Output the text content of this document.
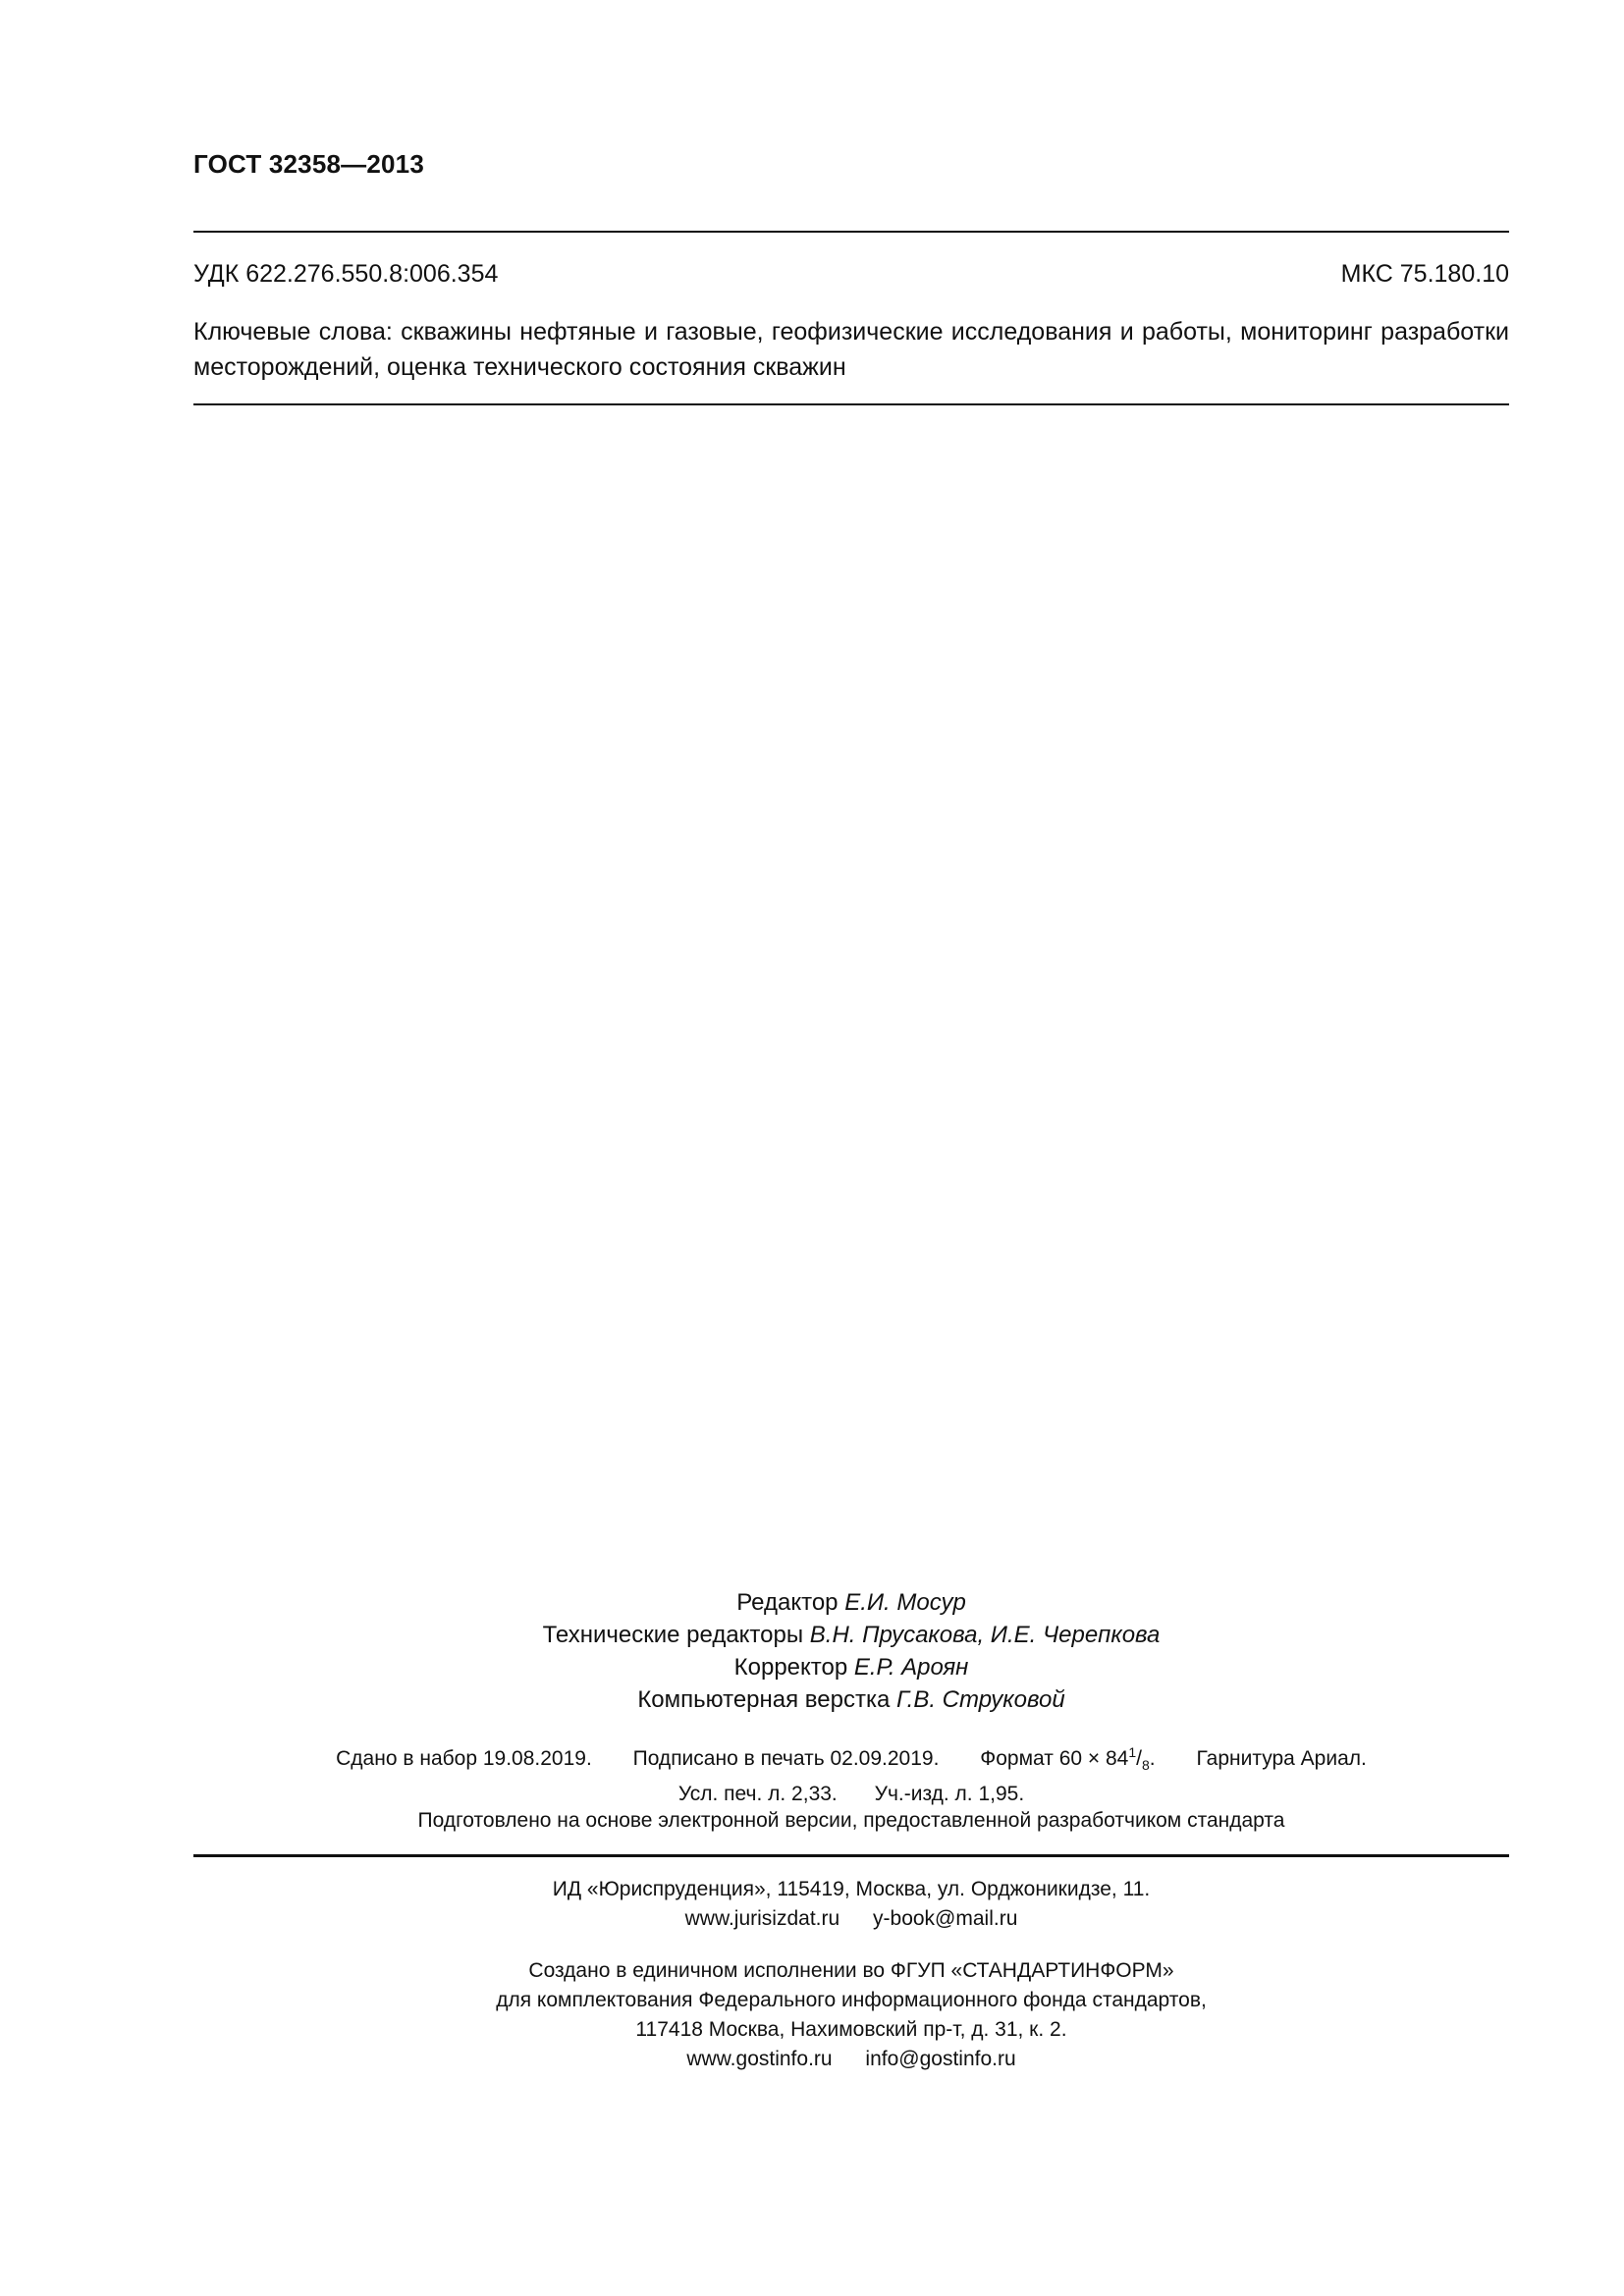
ГОСТ 32358—2013
УДК 622.276.550.8:006.354	МКС 75.180.10
Ключевые слова: скважины нефтяные и газовые, геофизические исследования и работы, мониторинг разработки месторождений, оценка технического состояния скважин
Редактор Е.И. Мосур
Технические редакторы В.Н. Прусакова, И.Е. Черепкова
Корректор Е.Р. Ароян
Компьютерная верстка Г.В. Струковой
Сдано в набор 19.08.2019. Подписано в печать 02.09.2019. Формат $60 \times 84^1/_8$. Гарнитура Ариал.
Усл. печ. л. 2,33. Уч.-изд. л. 1,95.
Подготовлено на основе электронной версии, предоставленной разработчиком стандарта
ИД «Юриспруденция», 115419, Москва, ул. Орджоникидзе, 11.
www.jurisizdat.ru y-book@mail.ru
Создано в единичном исполнении во ФГУП «СТАНДАРТИНФОРМ»
для комплектования Федерального информационного фонда стандартов,
117418 Москва, Нахимовский пр-т, д. 31, к. 2.
www.gostinfo.ru info@gostinfo.ru
